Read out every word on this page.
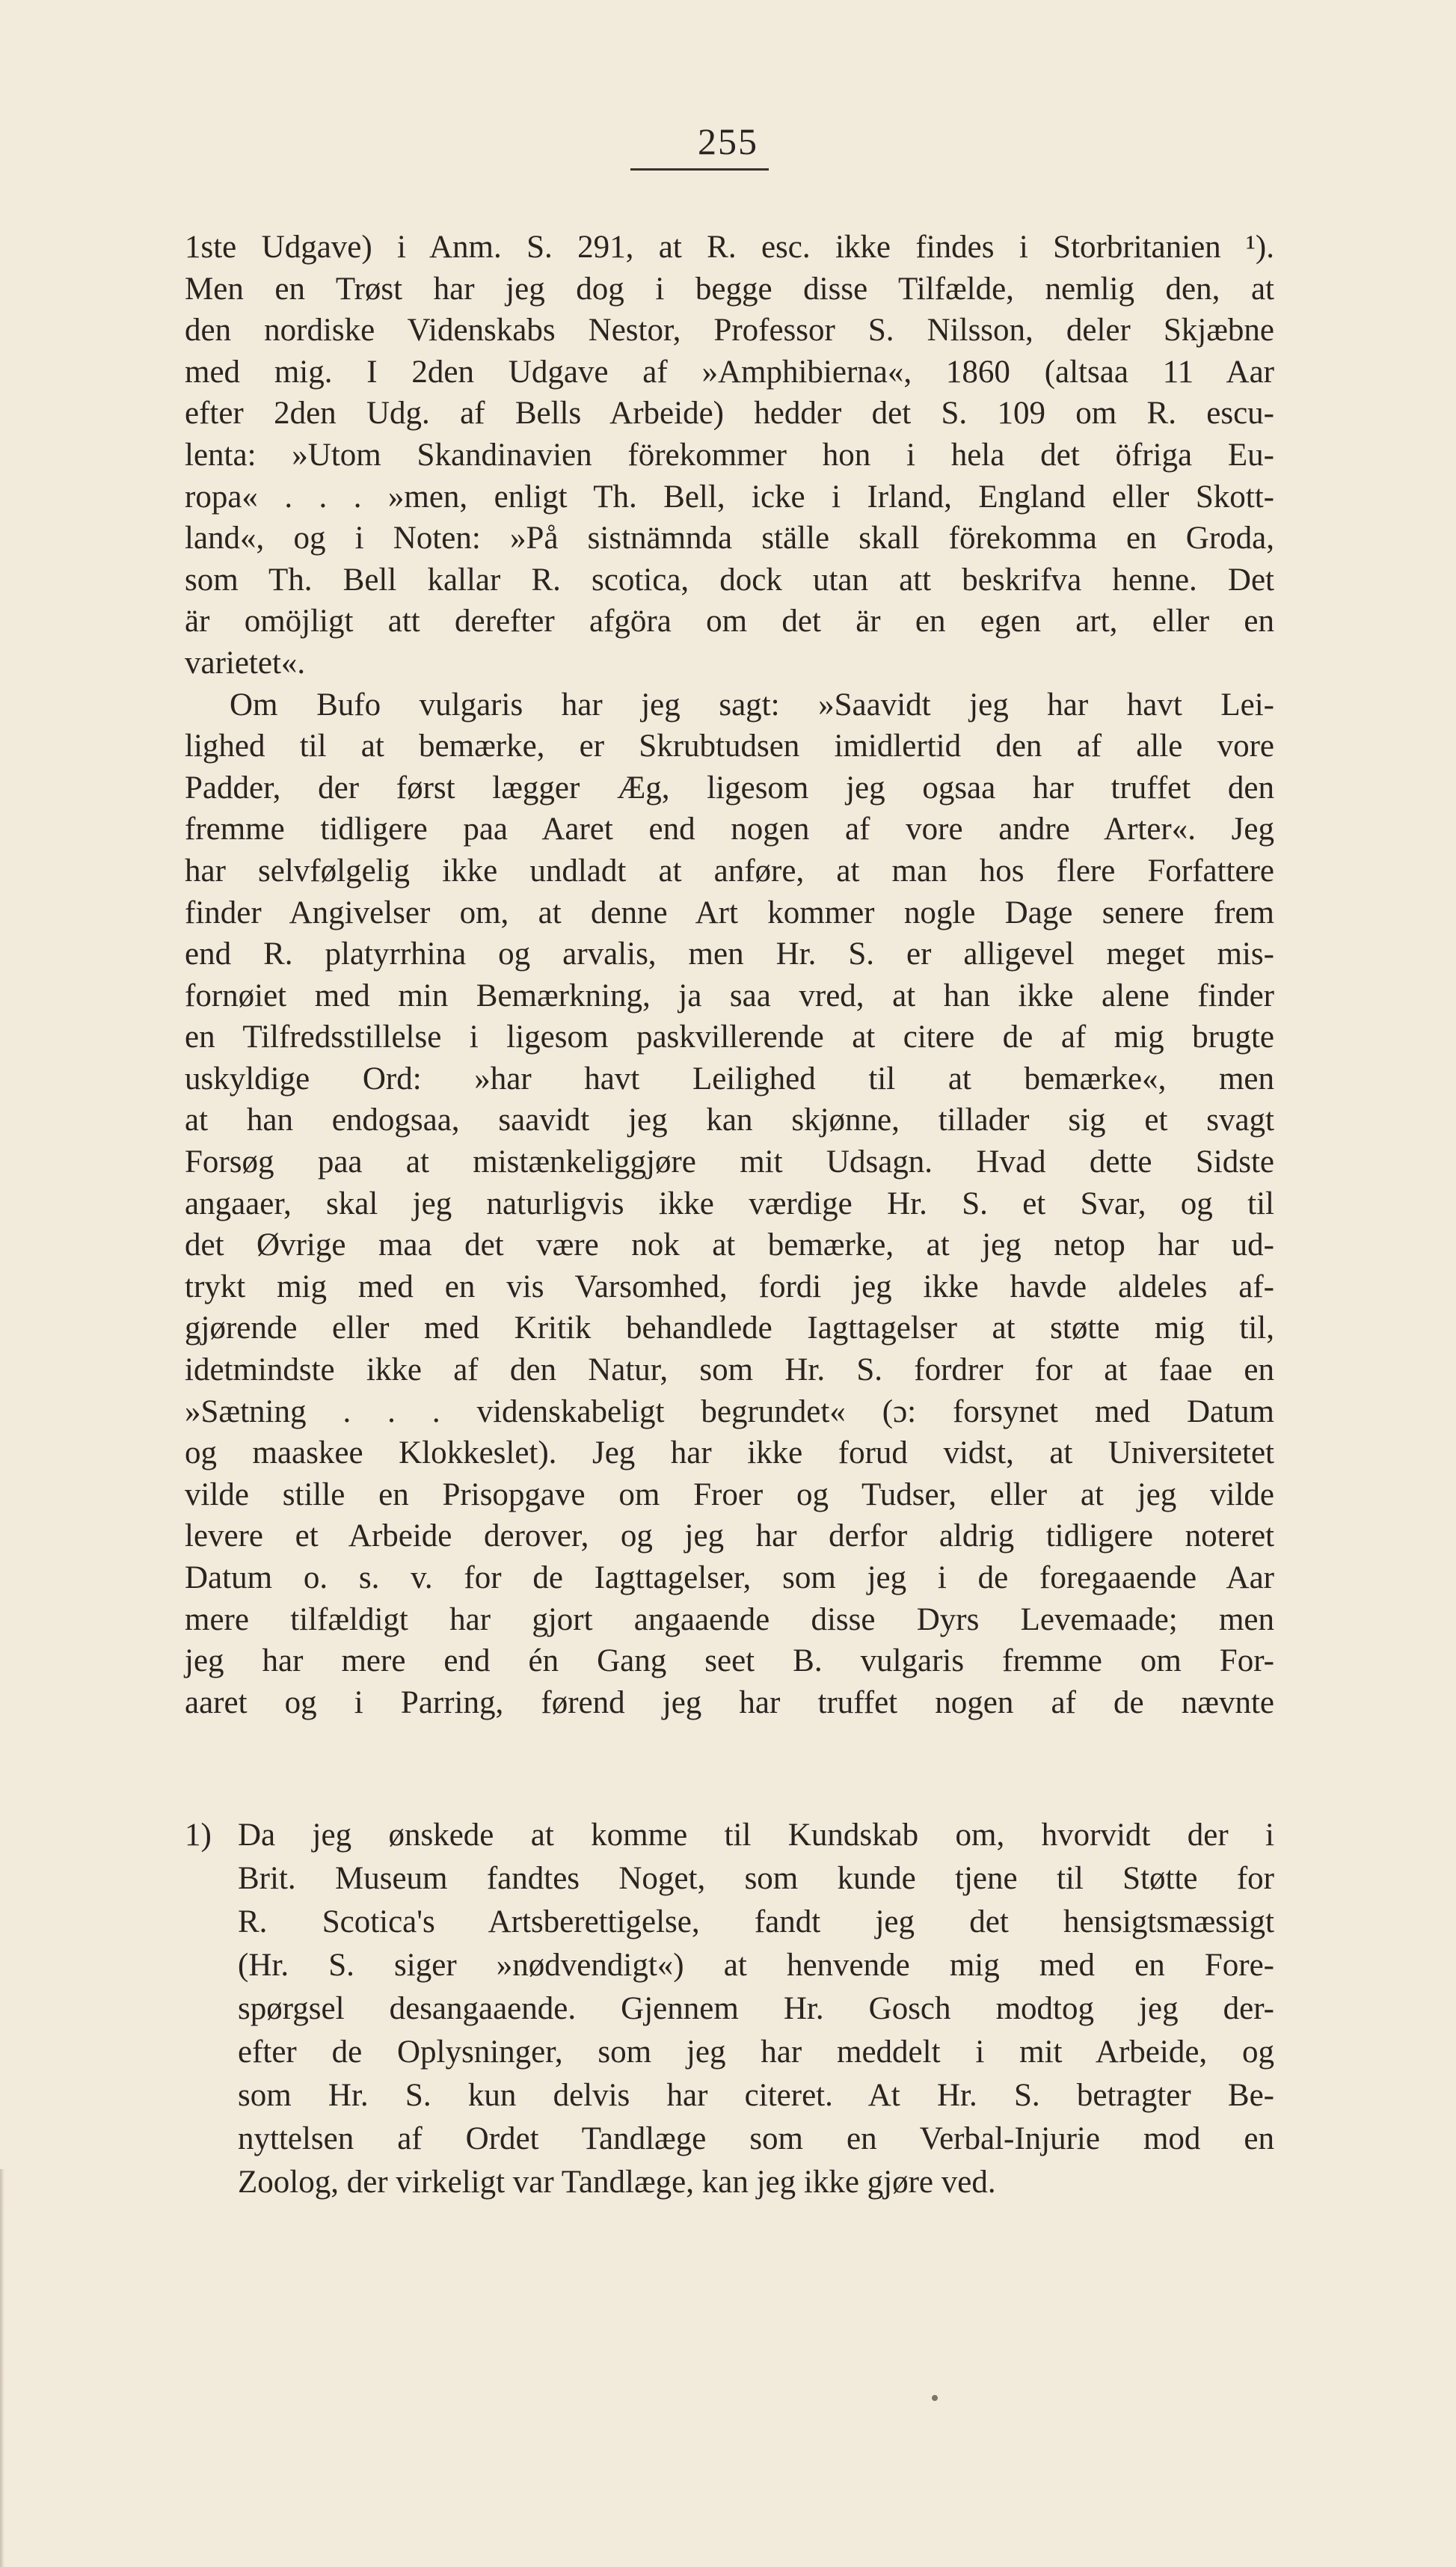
255
1ste Udgave) i Anm. S. 291, at R. esc. ikke findes i Storbritanien ¹).
Men en Trøst har jeg dog i begge disse Tilfælde, nemlig den, at
den nordiske Videnskabs Nestor, Professor S. Nilsson, deler Skjæbne
med mig. I 2den Udgave af »Amphibierna«, 1860 (altsaa 11 Aar
efter 2den Udg. af Bells Arbeide) hedder det S. 109 om R. escu-
lenta: »Utom Skandinavien förekommer hon i hela det öfriga Eu-
ropa« . . . »men, enligt Th. Bell, icke i Irland, England eller Skott-
land«, og i Noten: »På sistnämnda ställe skall förekomma en Groda,
som Th. Bell kallar R. scotica, dock utan att beskrifva henne. Det
är omöjligt att derefter afgöra om det är en egen art, eller en
varietet«.
Om Bufo vulgaris har jeg sagt: »Saavidt jeg har havt Lei-
lighed til at bemærke, er Skrubtudsen imidlertid den af alle vore
Padder, der først lægger Æg, ligesom jeg ogsaa har truffet den
fremme tidligere paa Aaret end nogen af vore andre Arter«. Jeg
har selvfølgelig ikke undladt at anføre, at man hos flere Forfattere
finder Angivelser om, at denne Art kommer nogle Dage senere frem
end R. platyrrhina og arvalis, men Hr. S. er alligevel meget mis-
fornøiet med min Bemærkning, ja saa vred, at han ikke alene finder
en Tilfredsstillelse i ligesom paskvillerende at citere de af mig brugte
uskyldige Ord: »har havt Leilighed til at bemærke«, men
at han endogsaa, saavidt jeg kan skjønne, tillader sig et svagt
Forsøg paa at mistænkeliggjøre mit Udsagn. Hvad dette Sidste
angaaer, skal jeg naturligvis ikke værdige Hr. S. et Svar, og til
det Øvrige maa det være nok at bemærke, at jeg netop har ud-
trykt mig med en vis Varsomhed, fordi jeg ikke havde aldeles af-
gjørende eller med Kritik behandlede Iagttagelser at støtte mig til,
idetmindste ikke af den Natur, som Hr. S. fordrer for at faae en
»Sætning . . . videnskabeligt begrundet« (ɔ: forsynet med Datum
og maaskee Klokkeslet). Jeg har ikke forud vidst, at Universitetet
vilde stille en Prisopgave om Froer og Tudser, eller at jeg vilde
levere et Arbeide derover, og jeg har derfor aldrig tidligere noteret
Datum o. s. v. for de Iagttagelser, som jeg i de foregaaende Aar
mere tilfældigt har gjort angaaende disse Dyrs Levemaade; men
jeg har mere end én Gang seet B. vulgaris fremme om For-
aaret og i Parring, førend jeg har truffet nogen af de nævnte
1) Da jeg ønskede at komme til Kundskab om, hvorvidt der i
Brit. Museum fandtes Noget, som kunde tjene til Støtte for
R. Scotica's Artsberettigelse, fandt jeg det hensigtsmæssigt
(Hr. S. siger »nødvendigt«) at henvende mig med en Fore-
spørgsel desangaaende. Gjennem Hr. Gosch modtog jeg der-
efter de Oplysninger, som jeg har meddelt i mit Arbeide, og
som Hr. S. kun delvis har citeret. At Hr. S. betragter Be-
nyttelsen af Ordet Tandlæge som en Verbal-Injurie mod en
Zoolog, der virkeligt var Tandlæge, kan jeg ikke gjøre ved.
